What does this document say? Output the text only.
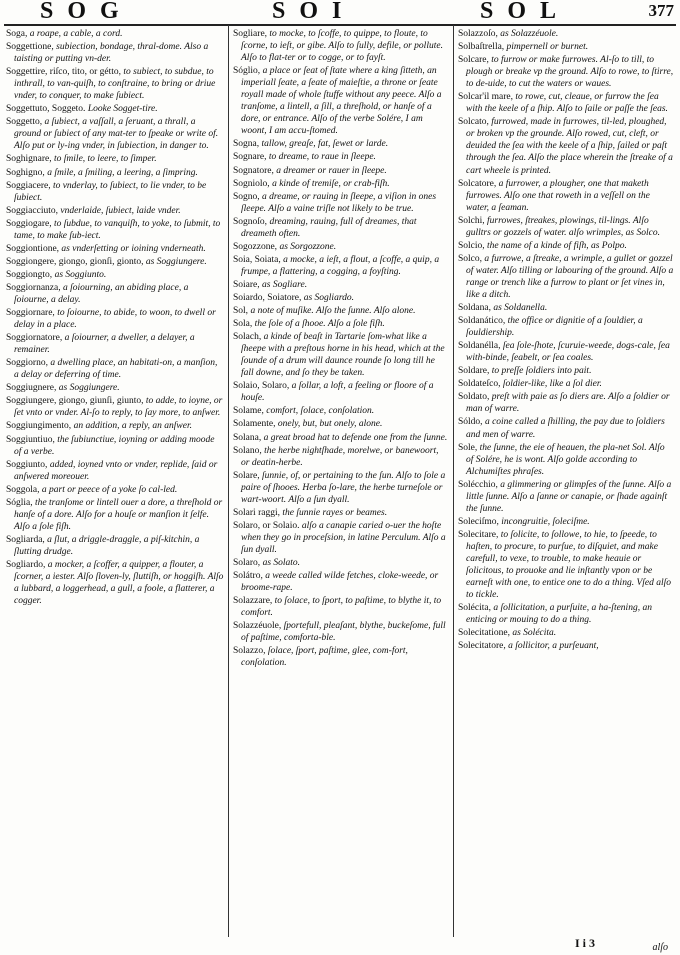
SOG	SOI	SOL	377
Soga, a roape, a cable, a cord.
Soggettione, subiection, bondage, thral-dome. Also a taisting or putting vn-der.
Soggettire, riſco, tito, or gétto, to subiect, to subdue, to inthrall, to van-quiſh, to conſtraine, to bring or driue vnder, to conquer, to make ſubiect.
Soggettuto, Soggeto. Looke Sogget-tire.
Soggetto, a ſubiect, a vaſſall, a ſeruant, a thrall, a ground or ſubiect of any mat-ter to ſpeake or write of. Alſo put or ly-ing vnder, in ſubiection, in danger to.
Soghignare, to ſmile, to leere, to ſimper.
Soghigno, a ſmile, a ſmiling, a leering, a ſimpring.
Soggiacere, to vnderlay, to ſubiect, to lie vnder, to be ſubiect.
Soggiacciuto, vnderlaide, ſubiect, laide vnder.
Soggiogare, to ſubdue, to vanquiſh, to yoke, to ſubmit, to tame, to make ſub-iect.
Soggiontione, as vnderſetting or ioining vnderneath.
Soggiongere, giongo, gionſi, gionto, as Soggiungere.
Soggiongto, as Soggiunto.
Soggiornanza, a ſoiourning, an abiding place, a ſoiourne, a delay.
Soggiornare, to ſoiourne, to abide, to woon, to dwell or delay in a place.
Soggiornatore, a ſoiourner, a dweller, a delayer, a remainer.
Soggiorno, a dwelling place, an habitati-on, a manſion, a delay or deferring of time.
Soggiugnere, as Soggiungere.
Soggiungere, giongo, giunſi, giunto, to adde, to ioyne, or ſet vnto or vnder. Al-ſo to reply, to ſay more, to anſwer.
Soggiungimento, an addition, a reply, an anſwer.
Soggiuntiuo, the ſubiunctiue, ioyning or adding moode of a verbe.
Soggiunto, added, ioyned vnto or vnder, replide, ſaid or anſwered moreouer.
Soggola, a part or peece of a yoke ſo cal-led.
Sóglia, the tranſome or lintell ouer a dore, a threſhold or hanſe of a dore. Alſo for a houſe or manſion it ſelfe. Alſo a ſole fiſh.
Sogliarda, a ſlut, a driggle-draggle, a piſ-kitchin, a ſlutting drudge.
Sogliardo, a mocker, a ſcoffer, a quipper, a flouter, a ſcorner, a iester. Alſo ſloven-ly, ſluttiſh, or hoggiſh. Alſo a lubbard, a loggerhead, a gull, a foole, a flatterer, a cogger.
Sogliare, to mocke, to ſcoffe, to quippe, to floute, to ſcorne, to ieſt, or gibe. Alſo to ſully, defile, or pollute. Alſo to flat-ter or to cogge, or to fayſt.
Sóglio, a place or ſeat of ſtate where a king ſitteth, an imperiall ſeate, a ſeate of maieſtie, a throne or ſeate royall made of whole ſtuffe without any peece. Alſo a tranſome, a lintell, a ſill, a threſhold, or hanſe of a dore, or entrance. Alſo of the verbe Solére, I am woont, I am accu-ſtomed.
Sogna, tallow, greaſe, fat, ſewet or larde.
Sognare, to dreame, to raue in ſleepe.
Sognatore, a dreamer or rauer in ſleepe.
Sogniolo, a kinde of tremiſe, or crab-fiſh.
Sogno, a dreame, or rauing in ſleepe, a viſion in ones ſleepe. Alſo a vaine triſle not likely to be true.
Sognoſo, dreaming, rauing, full of dreames, that dreameth often.
Sogozzone, as Sorgozzone.
Soia, Soiata, a mocke, a ieſt, a flout, a ſcoffe, a quip, a frumpe, a flattering, a cogging, a foyſting.
Soiare, as Sogliare.
Soiardo, Soiatore, as Sogliardo.
Sol, a note of muſike. Alſo the ſunne. Alſo alone.
Sola, the ſole of a ſhooe. Alſo a ſole fiſh.
Solach, a kinde of beaſt in Tartarie ſom-what like a ſheepe with a preſtous horne in his head, which at the ſounde of a drum will daunce rounde ſo long till he fall downe, and ſo they be taken.
Solaio, Solaro, a ſollar, a loft, a feeling or floore of a houſe.
Solame, comfort, ſolace, conſolation.
Solamente, onely, but, but onely, alone.
Solana, a great broad hat to defende one from the ſunne.
Solano, the herbe nightſhade, morelwe, or banewoort, or deatin-herbe.
Solare, ſunnie, of, or pertaining to the ſun. Alſo to ſole a paire of ſhooes. Herba ſo-lare, the herbe turneſole or wart-woort. Alſo a ſun dyall.
Solari raggi, the ſunnie rayes or beames.
Solaro, or Solaio. alſo a canapie caried o-uer the hoſte when they go in proceſsion, in latine Perculum. Alſo a ſun dyall.
Solaro, as Solato.
Solátro, a weede called wilde fetches, cloke-weede, or broome-rape.
Solazzare, to ſolace, to ſport, to paſtime, to blythe it, to comfort.
Solazzéuole, ſportefull, pleaſant, blythe, buckeſome, full of paſtime, comforta-ble.
Solazzo, ſolace, ſport, paſtime, glee, com-fort, conſolation.
Solazzoſo, as Solazzéuole.
Solbaſtrella, pimpernell or burnet.
Solcare, to furrow or make furrowes. Al-ſo to till, to plough or breake vp the ground. Alſo to rowe, to ſtirre, to de-uide, to cut the waters or waues.
Solcar'il mare, to rowe, cut, cleaue, or furrow the ſea with the keele of a ſhip. Alſo to ſaile or paſſe the ſeas.
Solcato, furrowed, made in furrowes, til-led, ploughed, or broken vp the grounde. Alſo rowed, cut, cleft, or deuided the ſea with the keele of a ſhip, ſailed or paſt through the ſea. Alſo the place wherein the ſtreake of a cart wheele is printed.
Solcatore, a furrower, a plougher, one that maketh furrowes. Alſo one that roweth in a veſſell on the water, a ſeaman.
Solchi, furrowes, ſtreakes, plowings, til-lings. Alſo gulltrs or gozzels of water. alſo wrimples, as Solco.
Solcio, the name of a kinde of fiſh, as Polpo.
Solco, a furrowe, a ſtreake, a wrimple, a gullet or gozzel of water. Alſo tilling or labouring of the ground. Alſo a range or trench like a furrow to plant or ſet vines in, like a ditch.
Soldana, as Soldanella.
Soldanático, the office or dignitie of a ſouldier, a ſouldiership.
Soldanélla, ſea ſole-ſhote, ſcuruie-weede, dogs-cale, ſea with-binde, ſeabelt, or ſea coales.
Soldare, to preſſe ſoldiers into pait.
Soldateſco, ſoldier-like, like a ſol dier.
Soldato, preſt with paie as ſo diers are. Alſo a ſoldier or man of warre.
Sóldo, a coine called a ſhilling, the pay due to ſoldiers and men of warre.
Sole, the ſunne, the eie of heauen, the pla-net Sol. Alſo of Solére, he is wont. Alſo golde according to Alchumiſtes phraſes.
Solécchio, a glimmering or glimpſes of the ſunne. Alſo a little ſunne. Alſo a ſanne or canapie, or ſhade againſt the ſunne.
Soleciſmo, incongruitie, ſoleciſme.
Solecitare, to ſolicite, to ſollowe, to hie, to ſpeede, to haſten, to procure, to purſue, to diſquiet, and make carefull, to vexe, to trouble, to make heauie or ſolicitous, to prouoke and lie inſtantly vpon or be earneſt with one, to entice one to do a thing. Vſed alſo to tickle.
Solécita, a ſollicitation, a purſuite, a ha-ſtening, an enticing or mouing to do a thing.
Solecitatione, as Solécita.
Solecitatore, a ſollicitor, a purſeuant,
I i 3	alſo
